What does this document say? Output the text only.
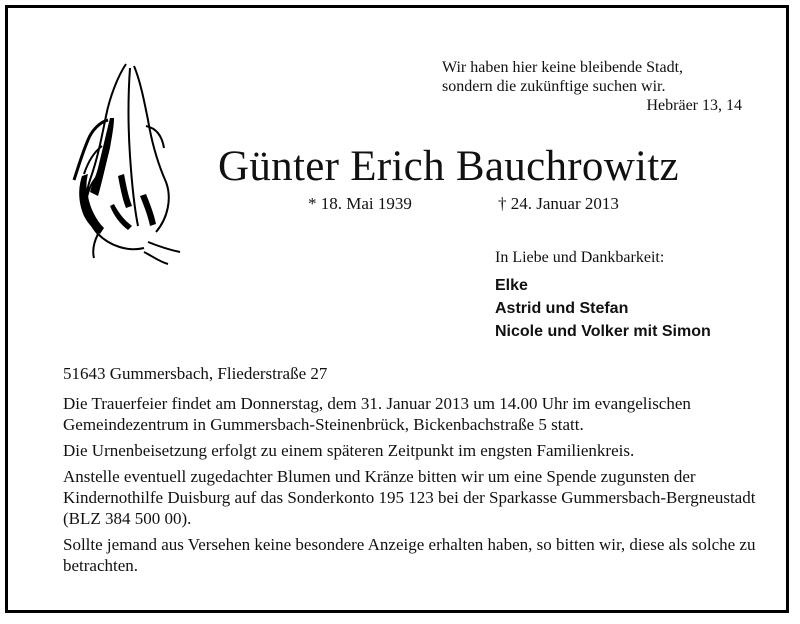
Wir haben hier keine bleibende Stadt,
sondern die zukünftige suchen wir.
Hebräer 13, 14
Günter Erich Bauchrowitz
* 18. Mai 1939	† 24. Januar 2013
In Liebe und Dankbarkeit:
Elke
Astrid und Stefan
Nicole und Volker mit Simon
51643 Gummersbach, Fliederstraße 27

Die Trauerfeier findet am Donnerstag, dem 31. Januar 2013 um 14.00 Uhr im evangelischen Gemeindezentrum in Gummersbach-Steinenbrück, Bickenbachstraße 5 statt.

Die Urnenbeisetzung erfolgt zu einem späteren Zeitpunkt im engsten Familienkreis.

Anstelle eventuell zugedachter Blumen und Kränze bitten wir um eine Spende zugunsten der Kindernothilfe Duisburg auf das Sonderkonto 195 123 bei der Sparkasse Gummersbach-Bergneustadt (BLZ 384 500 00).

Sollte jemand aus Versehen keine besondere Anzeige erhalten haben, so bitten wir, diese als solche zu betrachten.
